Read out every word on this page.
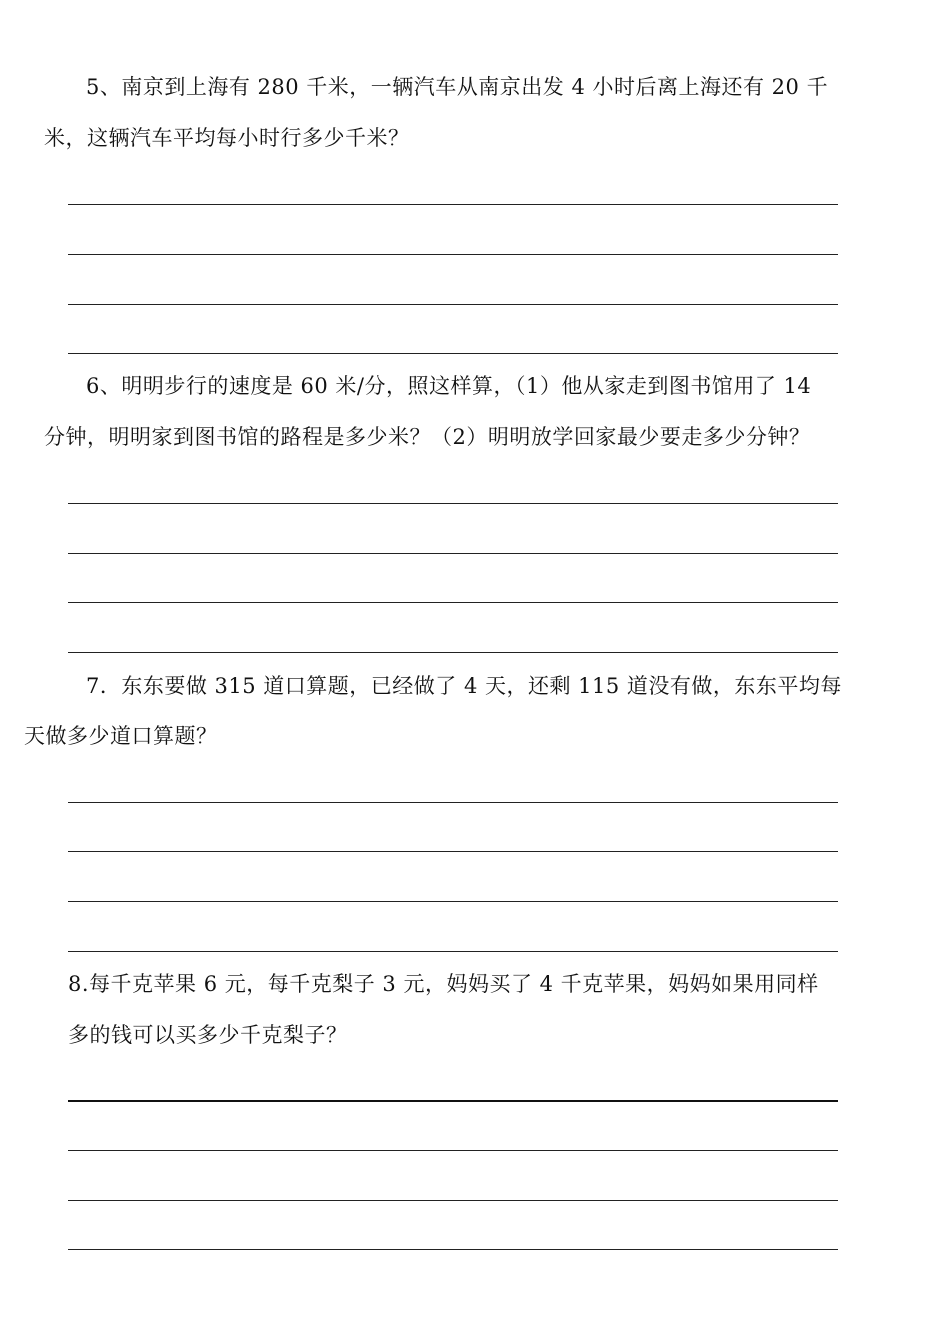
5、南京到上海有 280 千米，一辆汽车从南京出发 4 小时后离上海还有 20 千
米，这辆汽车平均每小时行多少千米？
6、明明步行的速度是 60 米/分，照这样算，（1）他从家走到图书馆用了 14
分钟，明明家到图书馆的路程是多少米？（2）明明放学回家最少要走多少分钟？
7．东东要做 315 道口算题，已经做了 4 天，还剩 115 道没有做，东东平均每
天做多少道口算题？
8.每千克苹果 6 元，每千克梨子 3 元，妈妈买了 4 千克苹果，妈妈如果用同样
多的钱可以买多少千克梨子？
